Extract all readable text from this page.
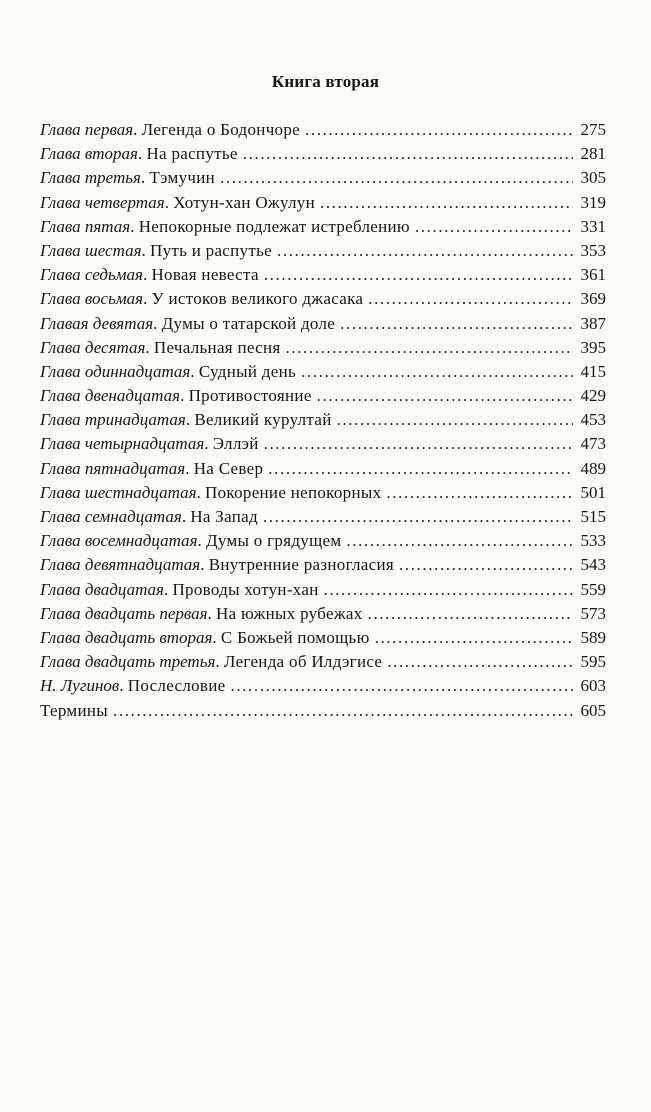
Книга вторая
Глава первая . Легенда о Бодончоре .....	275
Глава вторая . На распутье .....	281
Глава третья . Тэмучин .....	305
Глава четвертая . Хотун-хан Ожулун .....	319
Глава пятая . Непокорные подлежат истреблению .....	331
Глава шестая . Путь и распутье .....	353
Глава седьмая . Новая невеста .....	361
Глава восьмая . У истоков великого джасака .....	369
Главая девятая . Думы о татарской доле .....	387
Глава десятая . Печальная песня .....	395
Глава одиннадцатая . Судный день .....	415
Глава двенадцатая . Противостояние .....	429
Глава тринадцатая . Великий курултай .....	453
Глава четырнадцатая . Эллэй .....	473
Глава пятнадцатая . На Север .....	489
Глава шестнадцатая . Покорение непокорных .....	501
Глава семнадцатая . На Запад .....	515
Глава восемнадцатая . Думы о грядущем .....	533
Глава девятнадцатая . Внутренние разногласия .....	543
Глава двадцатая . Проводы хотун-хан .....	559
Глава двадцать первая . На южных рубежах .....	573
Глава двадцать вторая . С Божьей помощью .....	589
Глава двадцать третья . Легенда об Илдэгисе .....	595
Н. Лугинов . Послесловие .....	603
Термины .....	605
